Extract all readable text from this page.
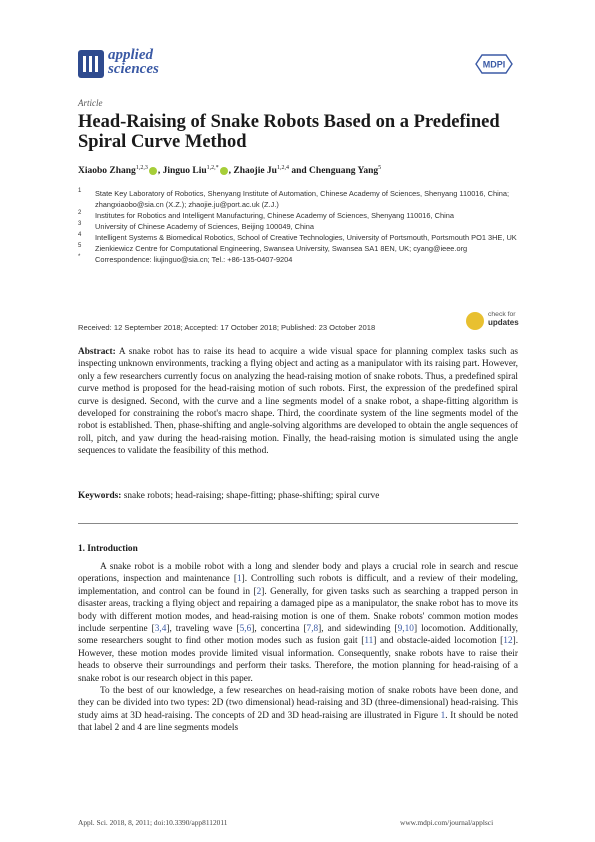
applied
sciences	MDPI
Article
Head-Raising of Snake Robots Based on a Predefined Spiral Curve Method
Xiaobo Zhang$^{1,2,3}$ , Jinguo Liu$^{1,2,*}$ , Zhaojie Ju$^{1,2,4}$ and Chenguang Yang$^5$
1 State Key Laboratory of Robotics, Shenyang Institute of Automation, Chinese Academy of Sciences, Shenyang 110016, China; zhangxiaobo@sia.cn (X.Z.); zhaojie.ju@port.ac.uk (Z.J.)
2 Institutes for Robotics and Intelligent Manufacturing, Chinese Academy of Sciences, Shenyang 110016, China
3 University of Chinese Academy of Sciences, Beijing 100049, China
4 Intelligent Systems & Biomedical Robotics, School of Creative Technologies, University of Portsmouth, Portsmouth PO1 3HE, UK
5 Zienkiewicz Centre for Computational Engineering, Swansea University, Swansea SA1 8EN, UK; cyang@ieee.org
* Correspondence: liujinguo@sia.cn; Tel.: +86-135-0407-9204
Received: 12 September 2018; Accepted: 17 October 2018; Published: 23 October 2018
check for
updates
Abstract: A snake robot has to raise its head to acquire a wide visual space for planning complex tasks such as inspecting unknown environments, tracking a flying object and acting as a manipulator with its raising part. However, only a few researchers currently focus on analyzing the head-raising motion of snake robots. Thus, a predefined spiral curve method is proposed for the head-raising motion of such robots. First, the expression of the predefined spiral curve is designed. Second, with the curve and a line segments model of a snake robot, a shape-fitting algorithm is developed for constraining the robot's macro shape. Third, the coordinate system of the line segments model of the robot is established. Then, phase-shifting and angle-solving algorithms are developed to obtain the angle sequences of roll, pitch, and yaw during the head-raising motion. Finally, the head-raising motion is simulated using the angle sequences to validate the feasibility of this method.
Keywords: snake robots; head-raising; shape-fitting; phase-shifting; spiral curve
1. Introduction

A snake robot is a mobile robot with a long and slender body and plays a crucial role in search and rescue operations, inspection and maintenance [1]. Controlling such robots is difficult, and a review of their modeling, implementation, and control can be found in [2]. Generally, for given tasks such as searching a trapped person in disaster areas, tracking a flying object and repairing a damaged pipe as a manipulator, the snake robot has to move its body with different motion modes, and head-raising motion is one of them. Snake robots' common motion modes include serpentine [3,4], traveling wave [5,6], concertina [7,8], and sidewinding [9,10] locomotion. Additionally, some researchers sought to find other motion modes such as fusion gait [11] and obstacle-aided locomotion [12]. However, these motion modes provide limited visual information. Consequently, snake robots have to raise their heads to observe their surroundings and perform their tasks. Therefore, the motion planning for head-raising of a snake robot is our research object in this paper.

To the best of our knowledge, a few researches on head-raising motion of snake robots have been done, and they can be divided into two types: 2D (two dimensional) head-raising and 3D (three-dimensional) head-raising. This study aims at 3D head-raising. The concepts of 2D and 3D head-raising are illustrated in Figure 1. It should be noted that label 2 and 4 are line segments models

Appl. Sci. 2018, 8, 2011; doi:10.3390/app8112011	www.mdpi.com/journal/applsci
